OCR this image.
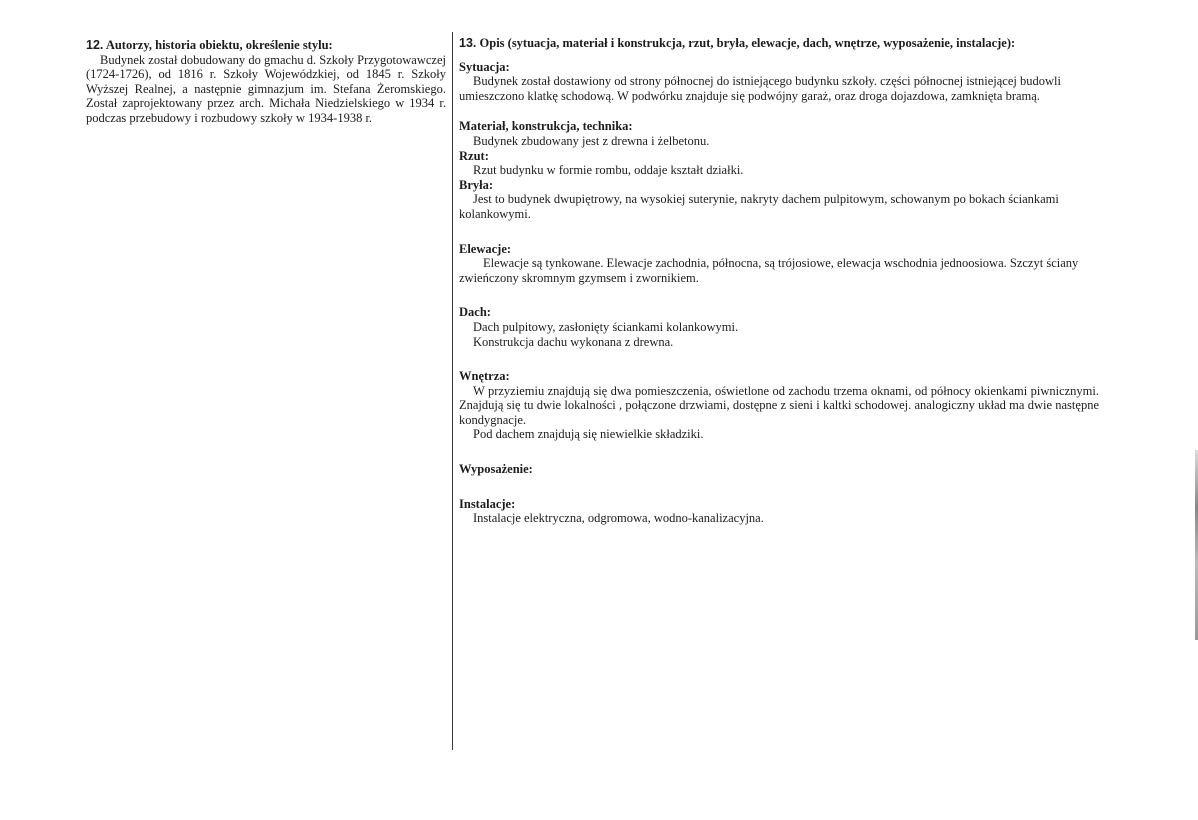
12. Autorzy, historia obiektu, określenie stylu:

Budynek został dobudowany do gmachu d. Szkoły Przygotowawczej (1724-1726), od 1816 r. Szkoły Wojewódzkiej, od 1845 r. Szkoły Wyższej Realnej, a następnie gimnazjum im. Stefana Żeromskiego. Został zaprojektowany przez arch. Michała Niedzielskiego w 1934 r. podczas przebudowy i rozbudowy szkoły w 1934-1938 r.

13. Opis (sytuacja, materiał i konstrukcja, rzut, bryła, elewacje, dach, wnętrze, wyposażenie, instalacje):
Sytuacja:

Budynek został dostawiony od strony północnej do istniejącego budynku szkoły. części północnej istniejącej budowli umieszczono klatkę schodową. W podwórku znajduje się podwójny garaż, oraz droga dojazdowa, zamknięta bramą.

Materiał, konstrukcja, technika:

Budynek zbudowany jest z drewna i żelbetonu.

Rzut:

Rzut budynku w formie rombu, oddaje kształt działki.

Bryła:

Jest to budynek dwupiętrowy, na wysokiej suterynie, nakryty dachem pulpitowym, schowanym po bokach ściankami kolankowymi.

Elewacje:

Elewacje są tynkowane. Elewacje zachodnia, północna, są trójosiowe, elewacja wschodnia jednoosiowa. Szczyt ściany zwieńczony skromnym gzymsem i zwornikiem.

Dach:

Dach pulpitowy, zasłonięty ściankami kolankowymi.

Konstrukcja dachu wykonana z drewna.

Wnętrza:

W przyziemiu znajdują się dwa pomieszczenia, oświetlone od zachodu trzema oknami, od północy okienkami piwnicznymi. Znajdują się tu dwie lokalności , połączone drzwiami, dostępne z sieni i kaltki schodowej. analogiczny układ ma dwie następne kondygnacje.

Pod dachem znajdują się niewielkie składziki.

Wyposażenie:
Instalacje:

Instalacje elektryczna, odgromowa, wodno-kanalizacyjna.
